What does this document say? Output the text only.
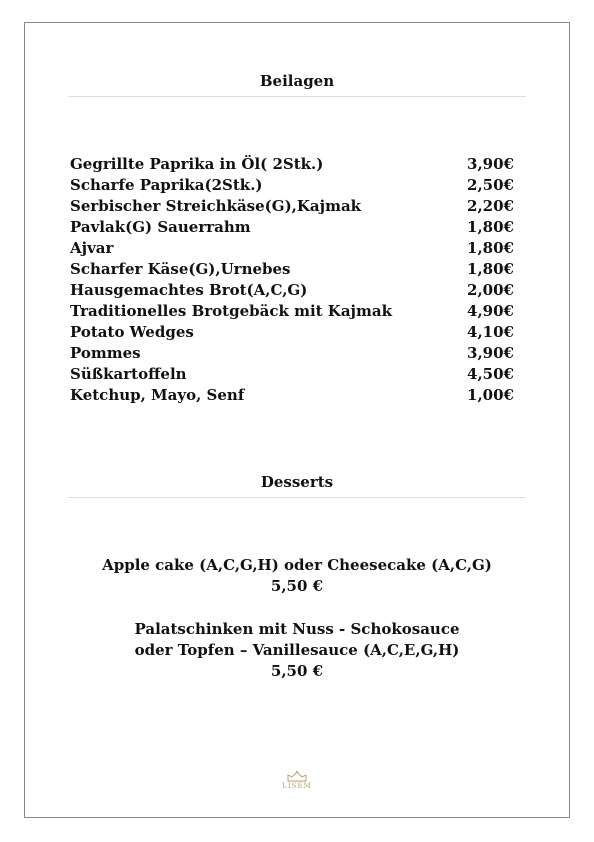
Beilagen
Gegrillte Paprika in Öl( 2Stk.)	3,90€
Scharfe Paprika(2Stk.)	2,50€
Serbischer Streichkäse(G),Kajmak	2,20€
Pavlak(G) Sauerrahm	1,80€
Ajvar	1,80€
Scharfer Käse(G),Urnebes	1,80€
Hausgemachtes Brot(A,C,G)	2,00€
Traditionelles Brotgebäck mit Kajmak	4,90€
Potato Wedges	4,10€
Pommes	3,90€
Süßkartoffeln	4,50€
Ketchup, Mayo, Senf	1,00€
Desserts
Apple cake (A,C,G,H) oder Cheesecake (A,C,G)
5,50 €
Palatschinken mit Nuss - Schokosauce
oder Topfen – Vanillesauce (A,C,E,G,H)
5,50 €
LISEM
